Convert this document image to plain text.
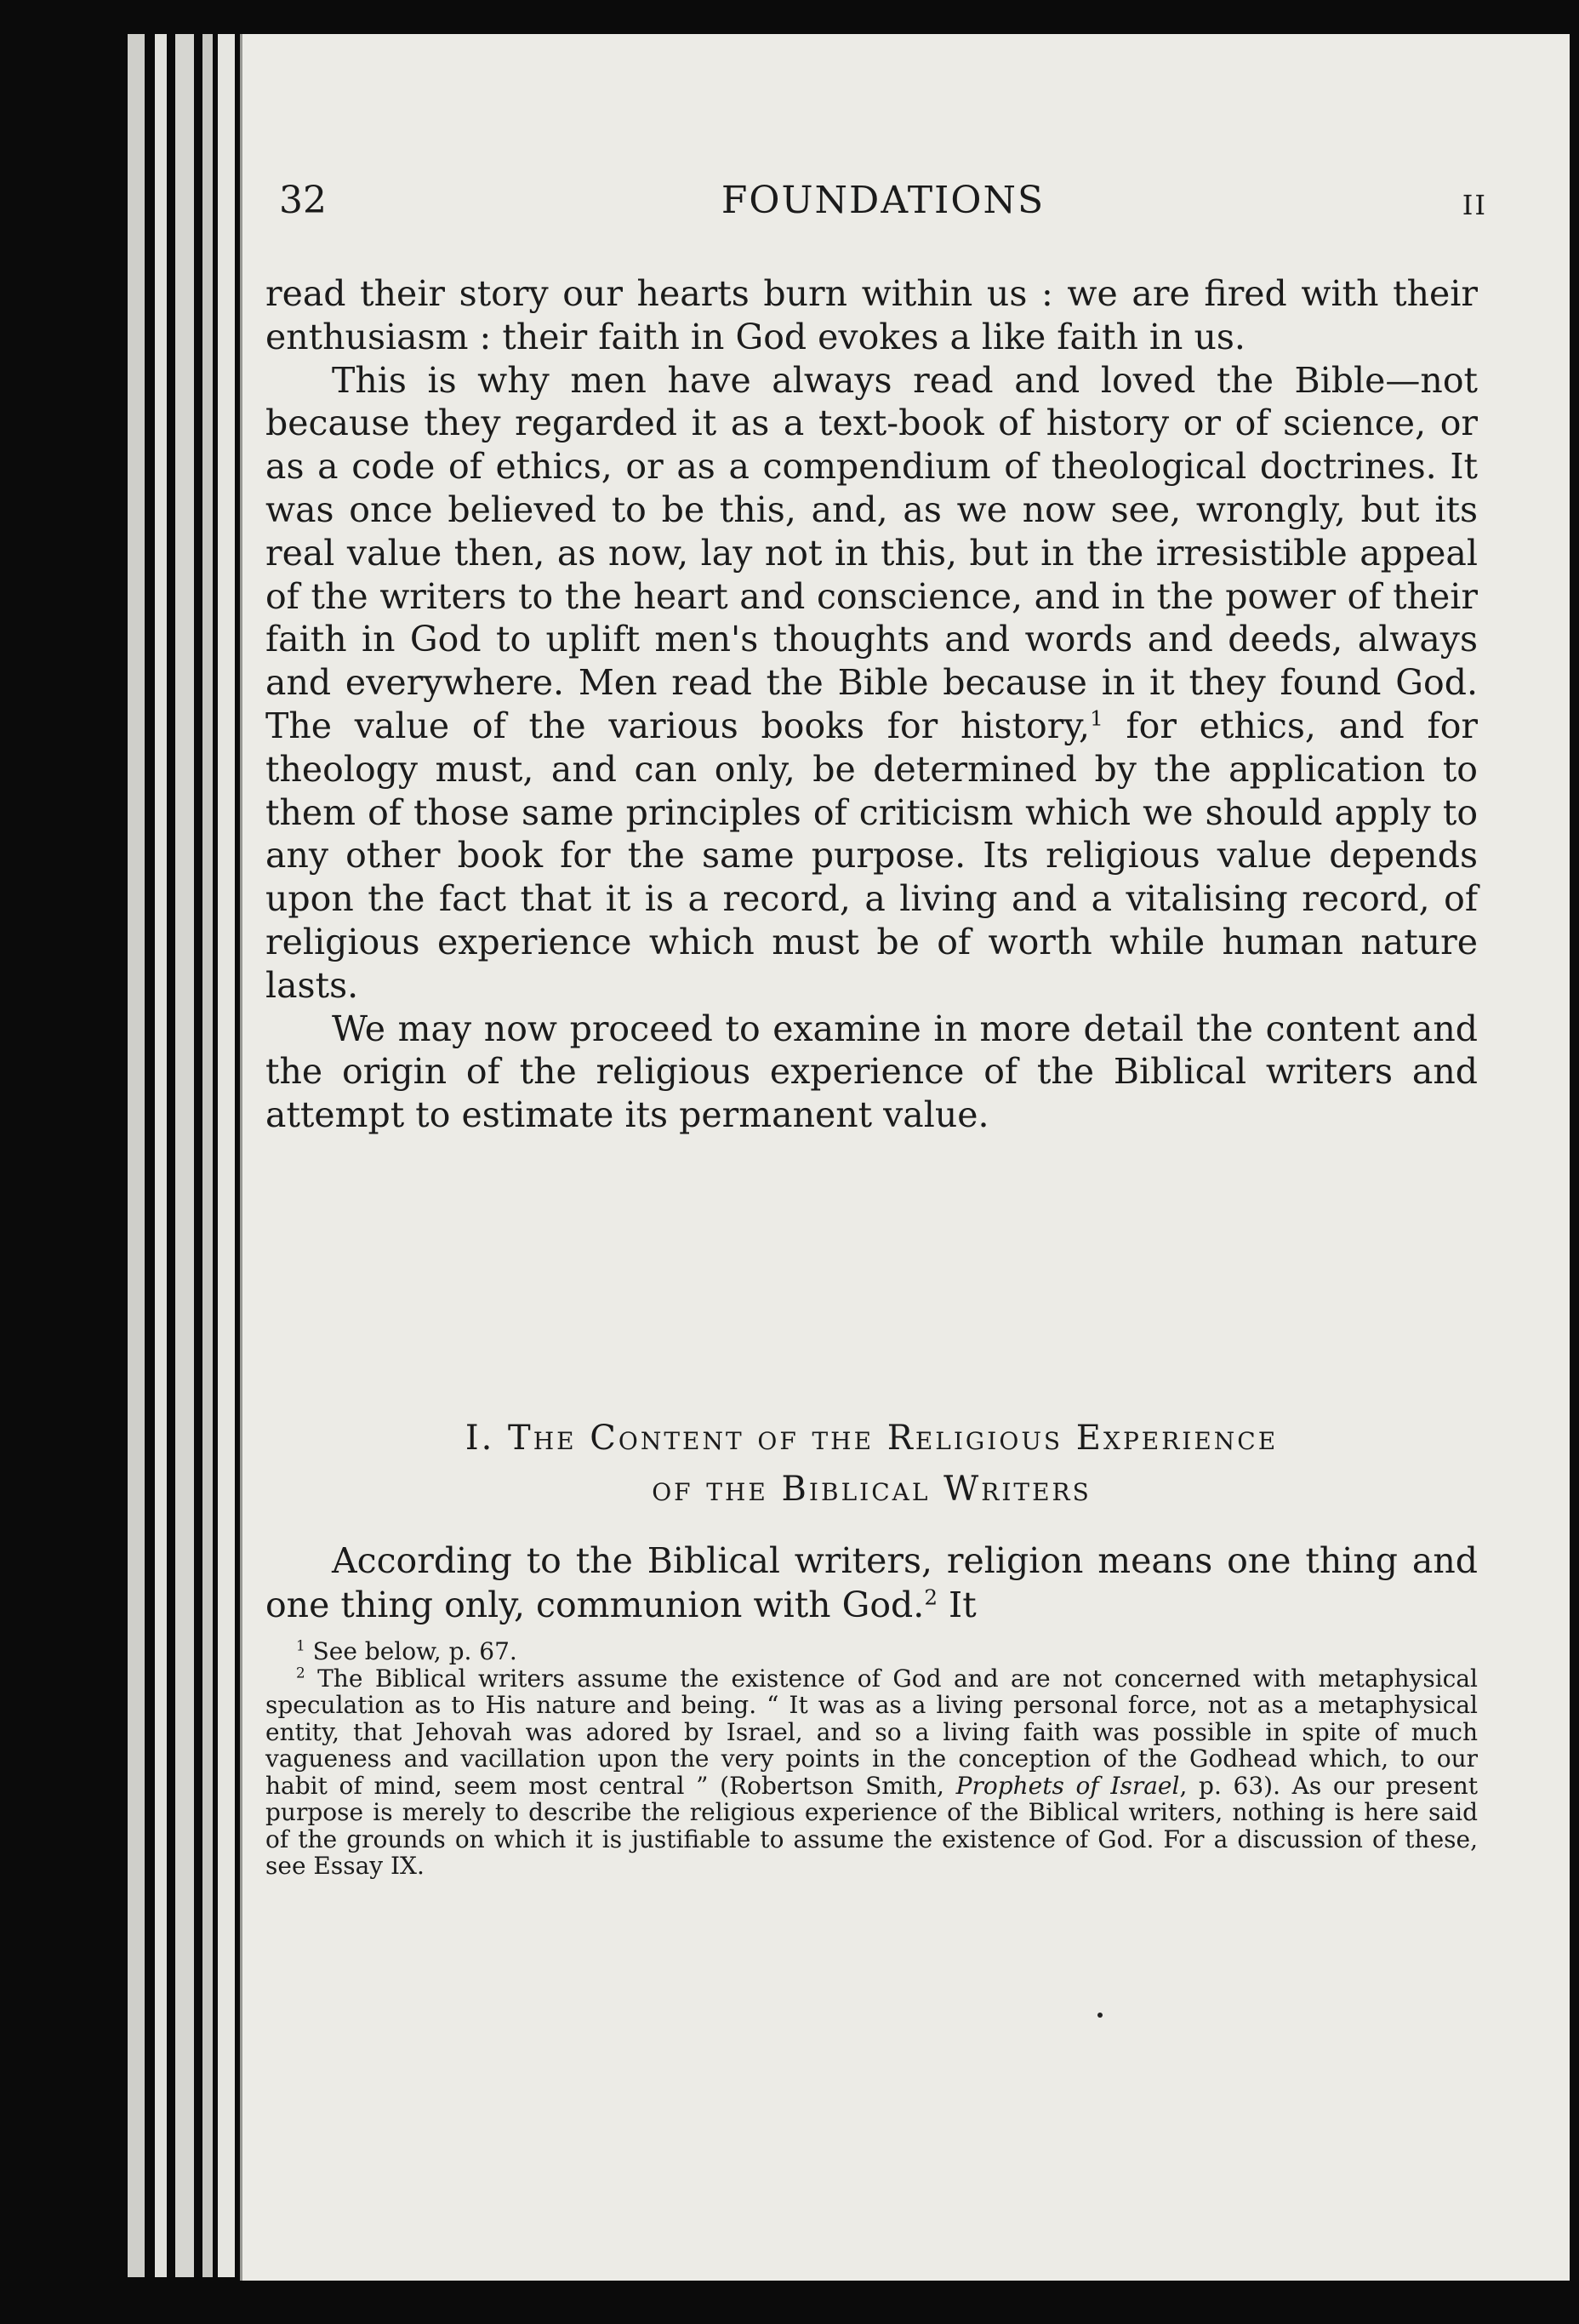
32	FOUNDATIONS	II

read their story our hearts burn within us : we are fired with their enthusiasm : their faith in God evokes a like faith in us.

This is why men have always read and loved the Bible—not because they regarded it as a text-book of history or of science, or as a code of ethics, or as a compendium of theological doctrines. It was once believed to be this, and, as we now see, wrongly, but its real value then, as now, lay not in this, but in the irresistible appeal of the writers to the heart and conscience, and in the power of their faith in God to uplift men's thoughts and words and deeds, always and everywhere. Men read the Bible because in it they found God. The value of the various books for history,$^1$ for ethics, and for theology must, and can only, be determined by the application to them of those same principles of criticism which we should apply to any other book for the same purpose. Its religious value depends upon the fact that it is a record, a living and a vitalising record, of religious experience which must be of worth while human nature lasts.

We may now proceed to examine in more detail the content and the origin of the religious experience of the Biblical writers and attempt to estimate its permanent value.

I. The Content of the Religious Experience
of the Biblical Writers

According to the Biblical writers, religion means one thing and one thing only, communion with God.$^2$ It

$^1$ See below, p. 67.

$^2$ The Biblical writers assume the existence of God and are not concerned with metaphysical speculation as to His nature and being. “ It was as a living personal force, not as a metaphysical entity, that Jehovah was adored by Israel, and so a living faith was possible in spite of much vagueness and vacillation upon the very points in the conception of the Godhead which, to our habit of mind, seem most central ” (Robertson Smith, Prophets of Israel, p. 63). As our present purpose is merely to describe the religious experience of the Biblical writers, nothing is here said of the grounds on which it is justifiable to assume the existence of God. For a discussion of these, see Essay IX.
